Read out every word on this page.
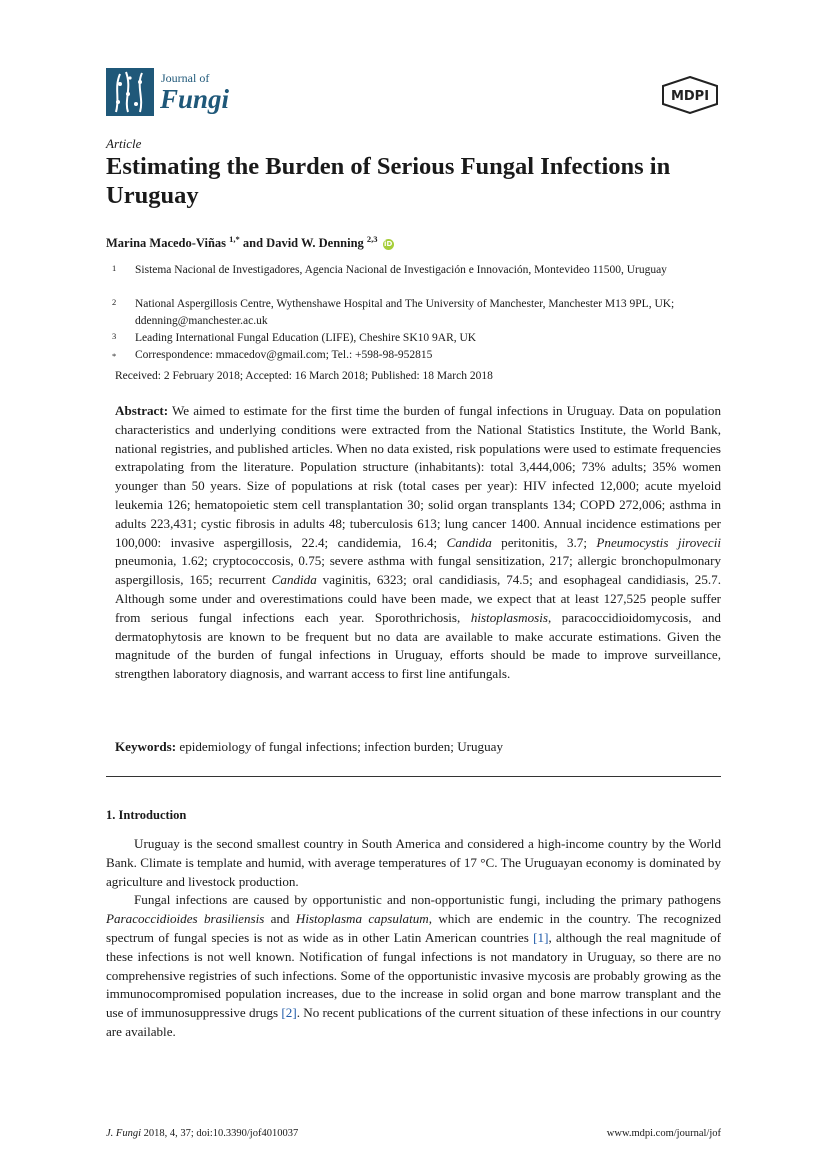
Journal of
Fungi	MDPI
Article
Estimating the Burden of Serious Fungal Infections in Uruguay
Marina Macedo-Viñas $^{1,*}$ and David W. Denning $^{2,3}$ iD
1 Sistema Nacional de Investigadores, Agencia Nacional de Investigación e Innovación, Montevideo 11500, Uruguay
2 National Aspergillosis Centre, Wythenshawe Hospital and The University of Manchester, Manchester M13 9PL, UK; ddenning@manchester.ac.uk
3 Leading International Fungal Education (LIFE), Cheshire SK10 9AR, UK
* Correspondence: mmacedov@gmail.com; Tel.: +598-98-952815
Received: 2 February 2018; Accepted: 16 March 2018; Published: 18 March 2018
Abstract: We aimed to estimate for the first time the burden of fungal infections in Uruguay. Data on population characteristics and underlying conditions were extracted from the National Statistics Institute, the World Bank, national registries, and published articles. When no data existed, risk populations were used to estimate frequencies extrapolating from the literature. Population structure (inhabitants): total 3,444,006; 73% adults; 35% women younger than 50 years. Size of populations at risk (total cases per year): HIV infected 12,000; acute myeloid leukemia 126; hematopoietic stem cell transplantation 30; solid organ transplants 134; COPD 272,006; asthma in adults 223,431; cystic fibrosis in adults 48; tuberculosis 613; lung cancer 1400. Annual incidence estimations per 100,000: invasive aspergillosis, 22.4; candidemia, 16.4; Candida peritonitis, 3.7; Pneumocystis jirovecii pneumonia, 1.62; cryptococcosis, 0.75; severe asthma with fungal sensitization, 217; allergic bronchopulmonary aspergillosis, 165; recurrent Candida vaginitis, 6323; oral candidiasis, 74.5; and esophageal candidiasis, 25.7. Although some under and overestimations could have been made, we expect that at least 127,525 people suffer from serious fungal infections each year. Sporothrichosis, histoplasmosis, paracoccidioidomycosis, and dermatophytosis are known to be frequent but no data are available to make accurate estimations. Given the magnitude of the burden of fungal infections in Uruguay, efforts should be made to improve surveillance, strengthen laboratory diagnosis, and warrant access to first line antifungals.
Keywords: epidemiology of fungal infections; infection burden; Uruguay
1. Introduction

Uruguay is the second smallest country in South America and considered a high-income country by the World Bank. Climate is template and humid, with average temperatures of 17 °C. The Uruguayan economy is dominated by agriculture and livestock production.

Fungal infections are caused by opportunistic and non-opportunistic fungi, including the primary pathogens Paracoccidioides brasiliensis and Histoplasma capsulatum, which are endemic in the country. The recognized spectrum of fungal species is not as wide as in other Latin American countries [1], although the real magnitude of these infections is not well known. Notification of fungal infections is not mandatory in Uruguay, so there are no comprehensive registries of such infections. Some of the opportunistic invasive mycosis are probably growing as the immunocompromised population increases, due to the increase in solid organ and bone marrow transplant and the use of immunosuppressive drugs [2]. No recent publications of the current situation of these infections in our country are available.

J. Fungi 2018, 4, 37; doi:10.3390/jof4010037	www.mdpi.com/journal/jof
